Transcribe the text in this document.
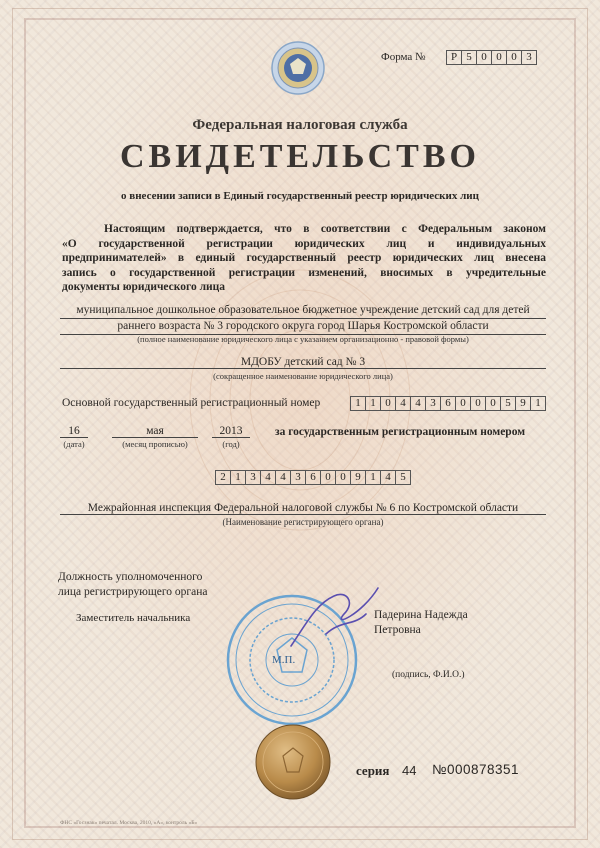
Форма №	Р 5 0 0 0 3
Федеральная налоговая служба
СВИДЕТЕЛЬСТВО
о внесении записи в Единый государственный реестр юридических лиц
Настоящим подтверждается, что в соответствии с Федеральным законом
«О государственной регистрации юридических лиц и индивидуальных
предпринимателей» в единый государственный реестр юридических лиц внесена
запись о государственной регистрации изменений, вносимых в учредительные
документы юридического лица
муниципальное дошкольное образовательное бюджетное учреждение детский сад для детей
раннего возраста № 3 городского округа город Шарья Костромской области
(полное наименование юридического лица с указанием организационно - правовой формы)
МДОБУ детский сад № 3
(сокращенное наименование юридического лица)
Основной государственный регистрационный номер	1 1 0 4 4 3 6 0 0 0 5 9 1
16
(дата)
мая
(месяц прописью)
2013
(год)
за государственным регистрационным номером
2 1 3 4 4 3 6 0 0 9 1 4 5
Межрайонная инспекция Федеральной налоговой службы № 6 по Костромской области
(Наименование регистрирующего органа)
Должность уполномоченного
лица регистрирующего органа
Заместитель начальника	Падерина Надежда
Петровна
(подпись, Ф.И.О.)
М.П.
серия 44 №000878351
ФНС «Госзнак» печатал. Москва, 2010, «А», контроль «Б»
